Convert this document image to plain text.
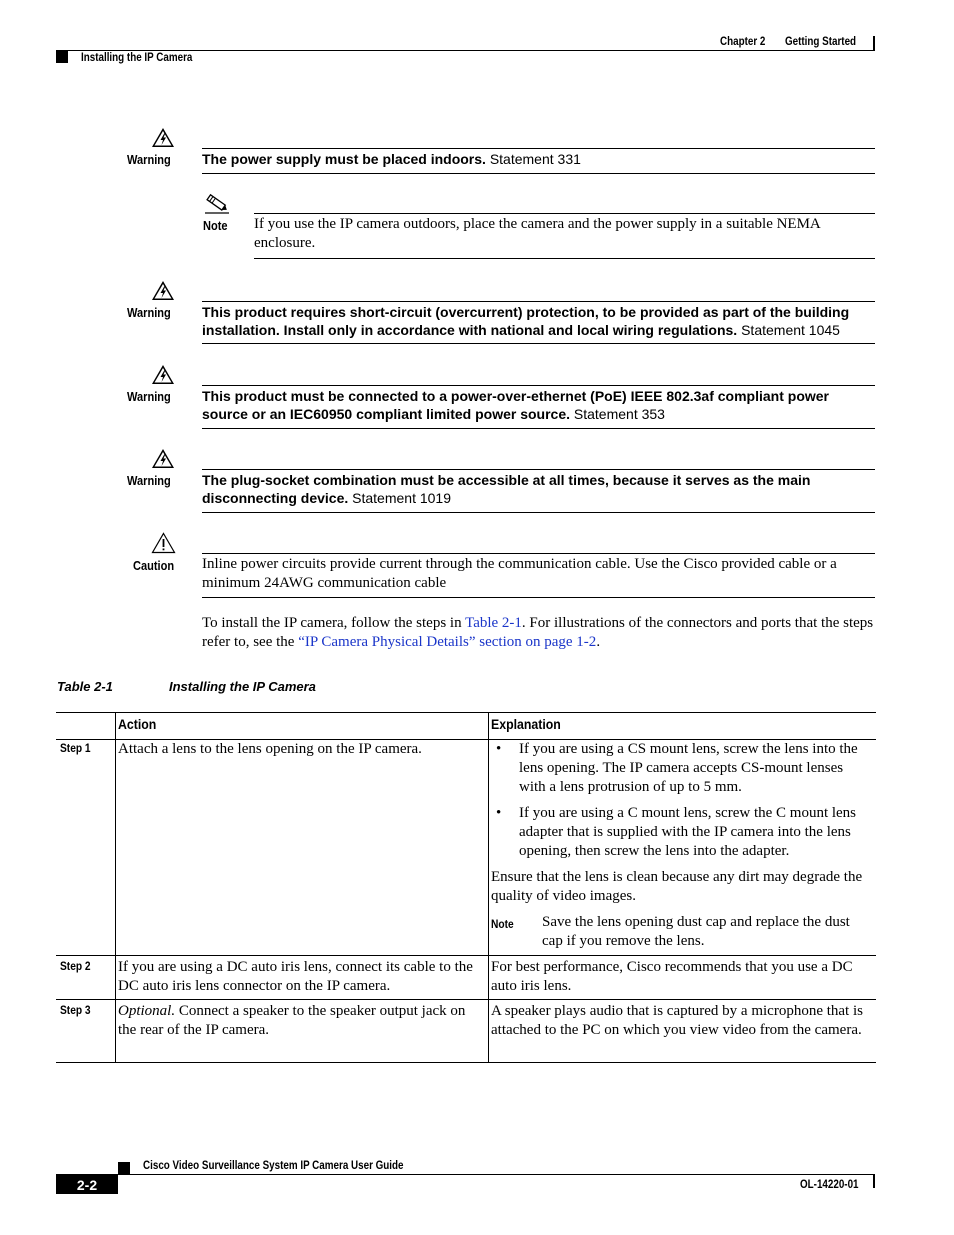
Chapter 2 Getting Started
Installing the IP Camera
Warning The power supply must be placed indoors. Statement 331
Note If you use the IP camera outdoors, place the camera and the power supply in a suitable NEMA enclosure.
Warning This product requires short-circuit (overcurrent) protection, to be provided as part of the building installation. Install only in accordance with national and local wiring regulations. Statement 1045
Warning This product must be connected to a power-over-ethernet (PoE) IEEE 802.3af compliant power source or an IEC60950 compliant limited power source. Statement 353
Warning The plug-socket combination must be accessible at all times, because it serves as the main disconnecting device. Statement 1019
Caution Inline power circuits provide current through the communication cable. Use the Cisco provided cable or a minimum 24AWG communication cable
To install the IP camera, follow the steps in Table 2-1. For illustrations of the connectors and ports that the steps refer to, see the “IP Camera Physical Details” section on page 1-2.
Table 2-1	Installing the IP Camera
Action	Explanation
Step 1 Attach a lens to the lens opening on the IP camera.
•	If you are using a CS mount lens, screw the lens into the lens opening. The IP camera accepts CS-mount lenses with a lens protrusion of up to 5 mm.
• If you are using a C mount lens, screw the C mount lens adapter that is supplied with the IP camera into the lens opening, then screw the lens into the adapter.
Ensure that the lens is clean because any dirt may degrade the quality of video images.
Note Save the lens opening dust cap and replace the dust cap if you remove the lens.
Step 2 If you are using a DC auto iris lens, connect its cable to the DC auto iris lens connector on the IP camera.
For best performance, Cisco recommends that you use a DC auto iris lens.
Step 3 Optional. Connect a speaker to the speaker output jack on the rear of the IP camera.
A speaker plays audio that is captured by a microphone that is attached to the PC on which you view video from the camera.
Cisco Video Surveillance System IP Camera User Guide
2-2	OL-14220-01
